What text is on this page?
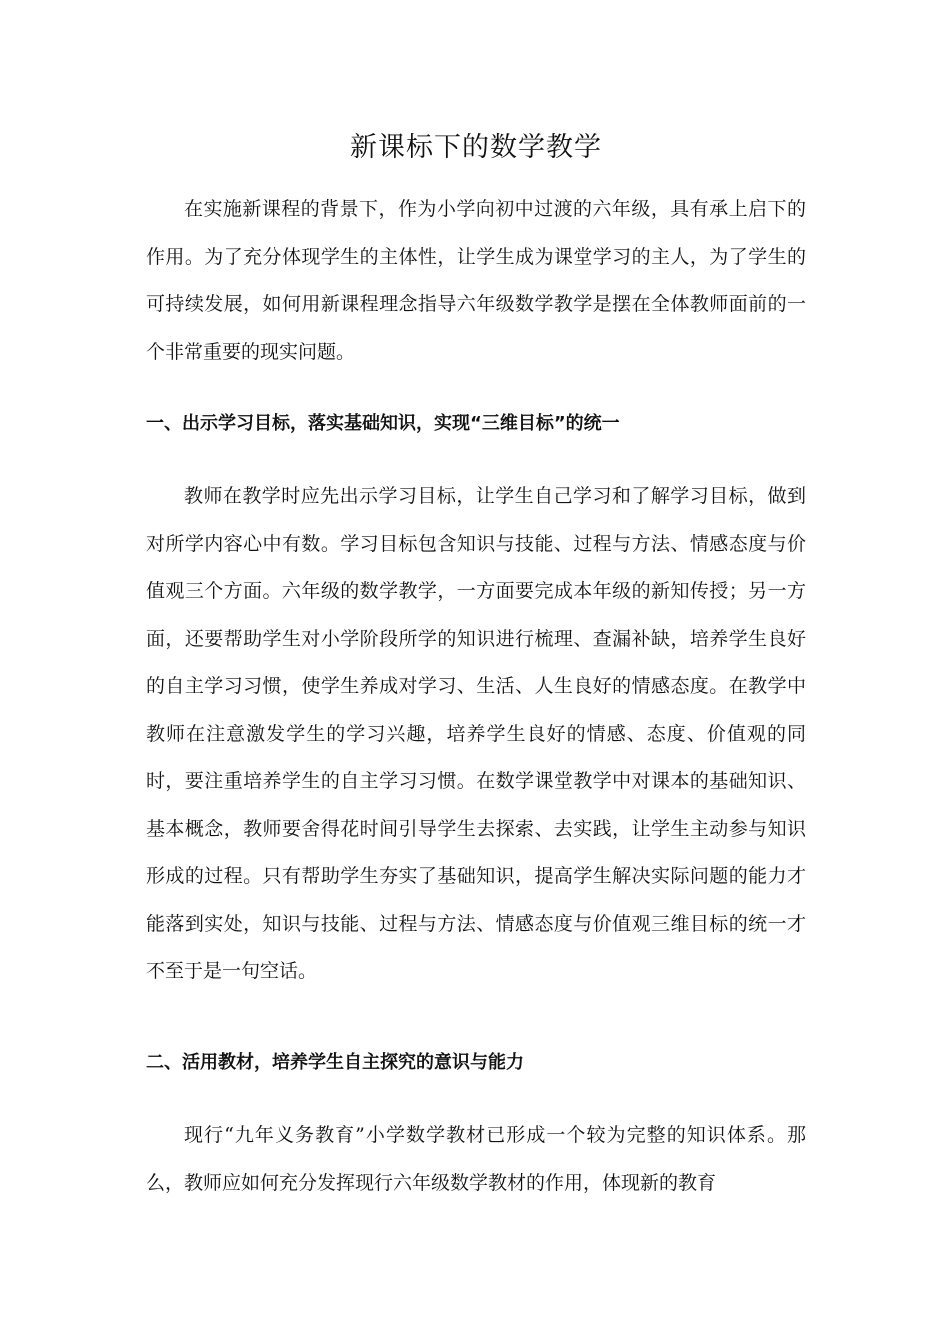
新课标下的数学教学

在实施新课程的背景下，作为小学向初中过渡的六年级，具有承上启下的作用。为了充分体现学生的主体性，让学生成为课堂学习的主人，为了学生的可持续发展，如何用新课程理念指导六年级数学教学是摆在全体教师面前的一个非常重要的现实问题。

一、出示学习目标，落实基础知识，实现“三维目标”的统一

教师在教学时应先出示学习目标，让学生自己学习和了解学习目标，做到对所学内容心中有数。学习目标包含知识与技能、过程与方法、情感态度与价值观三个方面。六年级的数学教学，一方面要完成本年级的新知传授；另一方面，还要帮助学生对小学阶段所学的知识进行梳理、查漏补缺，培养学生良好的自主学习习惯，使学生养成对学习、生活、人生良好的情感态度。在教学中教师在注意激发学生的学习兴趣，培养学生良好的情感、态度、价值观的同时，要注重培养学生的自主学习习惯。在数学课堂教学中对课本的基础知识、基本概念，教师要舍得花时间引导学生去探索、去实践，让学生主动参与知识形成的过程。只有帮助学生夯实了基础知识，提高学生解决实际问题的能力才能落到实处，知识与技能、过程与方法、情感态度与价值观三维目标的统一才不至于是一句空话。

二、活用教材，培养学生自主探究的意识与能力

现行“九年义务教育”小学数学教材已形成一个较为完整的知识体系。那么，教师应如何充分发挥现行六年级数学教材的作用，体现新的教育
